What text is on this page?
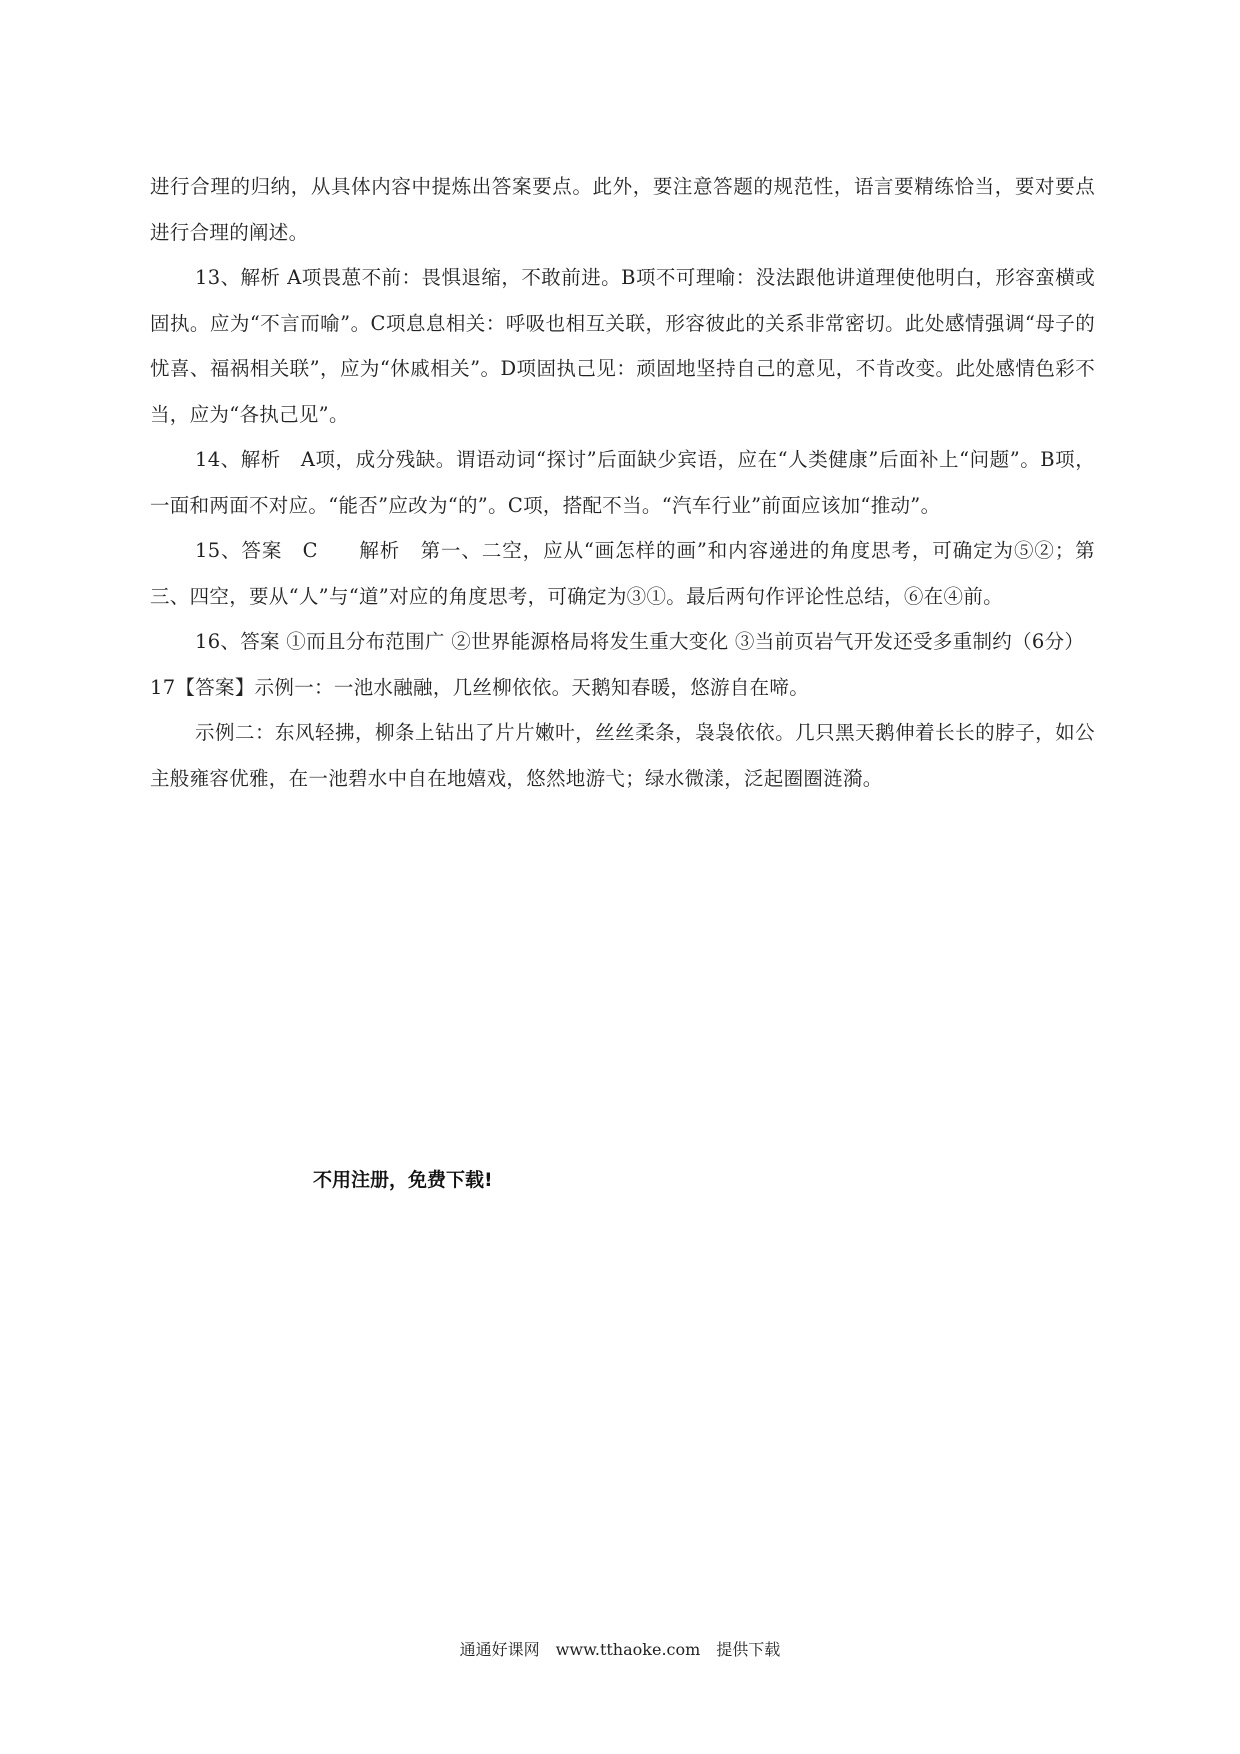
进行合理的归纳，从具体内容中提炼出答案要点。此外，要注意答题的规范性，语言要精练恰当，要对要点进行合理的阐述。

13、解析 A项畏葸不前：畏惧退缩，不敢前进。B项不可理喻：没法跟他讲道理使他明白，形容蛮横或固执。应为“不言而喻”。C项息息相关：呼吸也相互关联，形容彼此的关系非常密切。此处感情强调“母子的忧喜、福祸相关联”，应为“休戚相关”。D项固执己见：顽固地坚持自己的意见，不肯改变。此处感情色彩不当，应为“各执己见”。

14、解析　A项，成分残缺。谓语动词“探讨”后面缺少宾语，应在“人类健康”后面补上“问题”。B项，一面和两面不对应。“能否”应改为“的”。C项，搭配不当。“汽车行业”前面应该加“推动”。

15、答案　C　　解析　第一、二空，应从“画怎样的画”和内容递进的角度思考，可确定为⑤②；第三、四空，要从“人”与“道”对应的角度思考，可确定为③①。最后两句作评论性总结，⑥在④前。

16、答案 ①而且分布范围广 ②世界能源格局将发生重大变化 ③当前页岩气开发还受多重制约（6分）

17【答案】示例一：一池水融融，几丝柳依依。天鹅知春暖，悠游自在啼。

示例二：东风轻拂，柳条上钻出了片片嫩叶，丝丝柔条，袅袅依依。几只黑天鹅伸着长长的脖子，如公主般雍容优雅，在一池碧水中自在地嬉戏，悠然地游弋；绿水微漾，泛起圈圈涟漪。

不用注册，免费下载!
通通好课网　www.tthaoke.com　提供下载
